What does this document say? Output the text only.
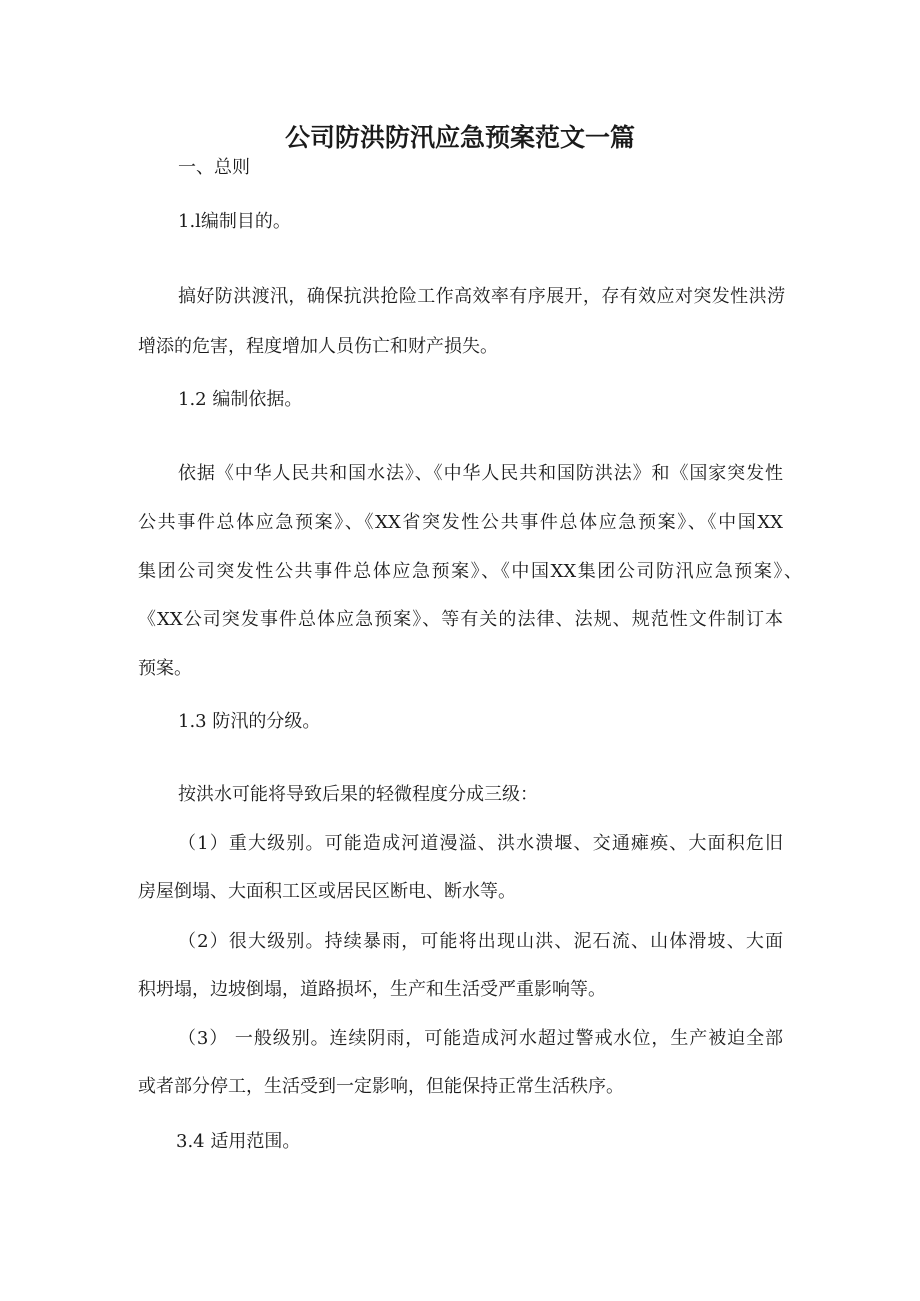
公司防洪防汛应急预案范文一篇

一、总则

1.l编制目的。

搞好防洪渡汛，确保抗洪抢险工作高效率有序展开，存有效应对突发性洪涝

增添的危害，程度增加人员伤亡和财产损失。

1.2 编制依据。

依据《中华人民共和国水法》、《中华人民共和国防洪法》和《国家突发性

公共事件总体应急预案》、《XX省突发性公共事件总体应急预案》、《中国XX

集团公司突发性公共事件总体应急预案》、《中国XX集团公司防汛应急预案》、

《XX公司突发事件总体应急预案》、等有关的法律、法规、规范性文件制订本

预案。

1.3 防汛的分级。

按洪水可能将导致后果的轻微程度分成三级：

（1）重大级别。可能造成河道漫溢、洪水溃堰、交通瘫痪、大面积危旧

房屋倒塌、大面积工区或居民区断电、断水等。

（2）很大级别。持续暴雨，可能将出现山洪、泥石流、山体滑坡、大面

积坍塌，边坡倒塌，道路损坏，生产和生活受严重影响等。

（3） 一般级别。连续阴雨，可能造成河水超过警戒水位，生产被迫全部

或者部分停工，生活受到一定影响，但能保持正常生活秩序。

3.4 适用范围。
